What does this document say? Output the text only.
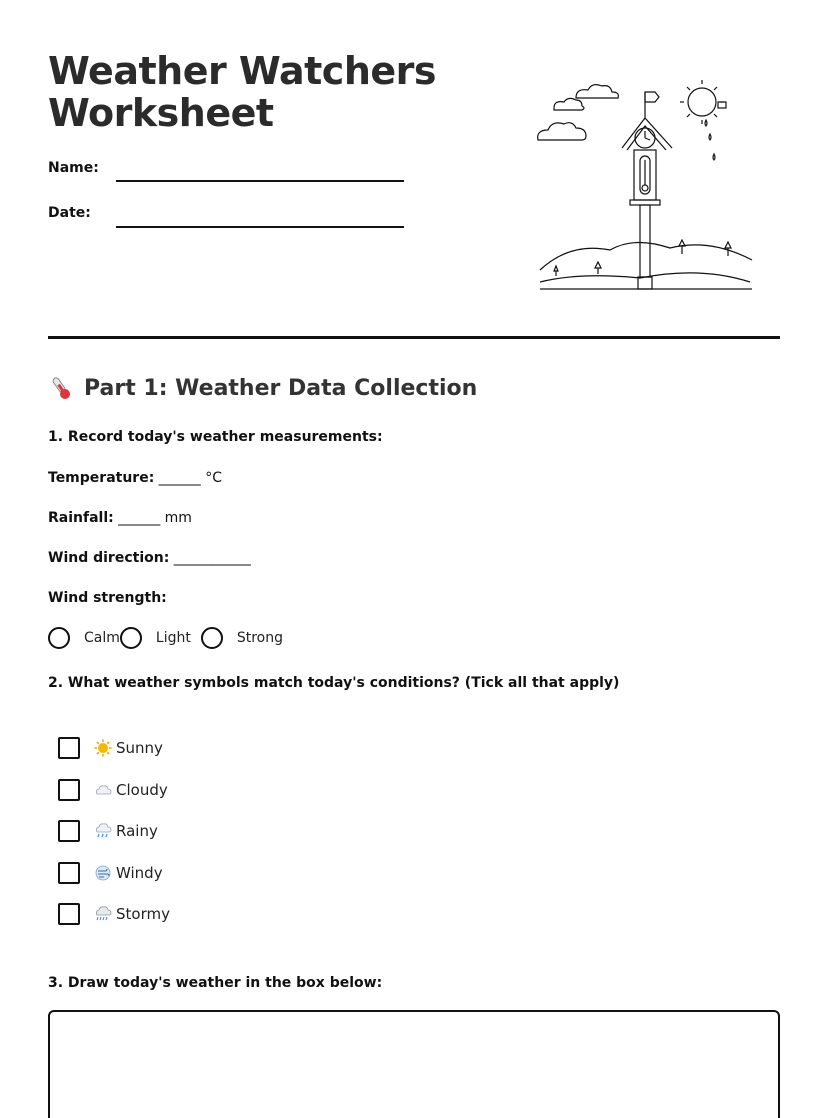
Weather Watchers
Worksheet
Name:
Date:
Part 1: Weather Data Collection
1. Record today's weather measurements:
Temperature: ______ °C
Rainfall: ______ mm
Wind direction: ___________
Wind strength:
Calm	Light	Strong
2. What weather symbols match today's conditions? (Tick all that apply)
Sunny
Cloudy
Rainy
Windy
Stormy
3. Draw today's weather in the box below:
